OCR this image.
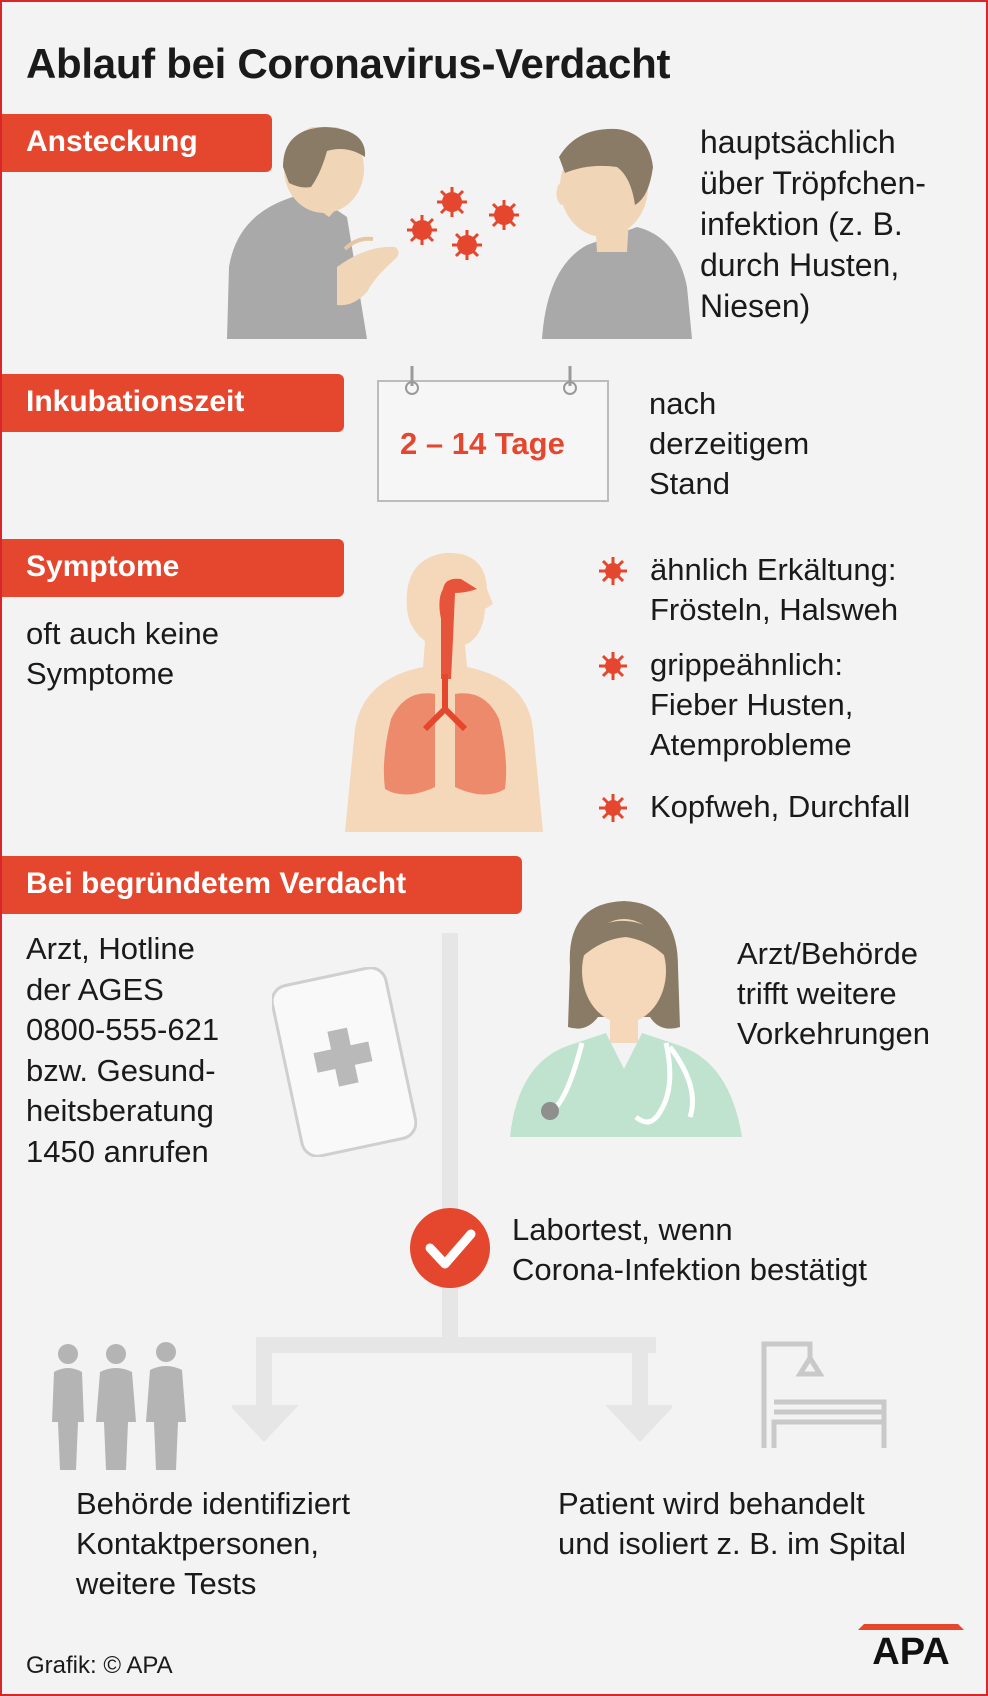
Ablauf bei Coronavirus-Verdacht
Ansteckung	hauptsächlich
über Tröpfchen-
infektion (z. B.
durch Husten,
Niesen)
Inkubationszeit
2 – 14 Tage
nach
derzeitigem
Stand
Symptome
oft auch keine
Symptome
ähnlich Erkältung:
Frösteln, Halsweh
grippeähnlich:
Fieber Husten,
Atemprobleme
Kopfweh, Durchfall
Bei begründetem Verdacht
Arzt, Hotline
der AGES
0800-555-621
bzw. Gesund-
heitsberatung
1450 anrufen
Arzt/Behörde
trifft weitere
Vorkehrungen
Labortest, wenn
Corona-Infektion bestätigt
Behörde identifiziert
Kontaktpersonen,
weitere Tests
Patient wird behandelt
und isoliert z. B. im Spital
Grafik: © APA	APA
